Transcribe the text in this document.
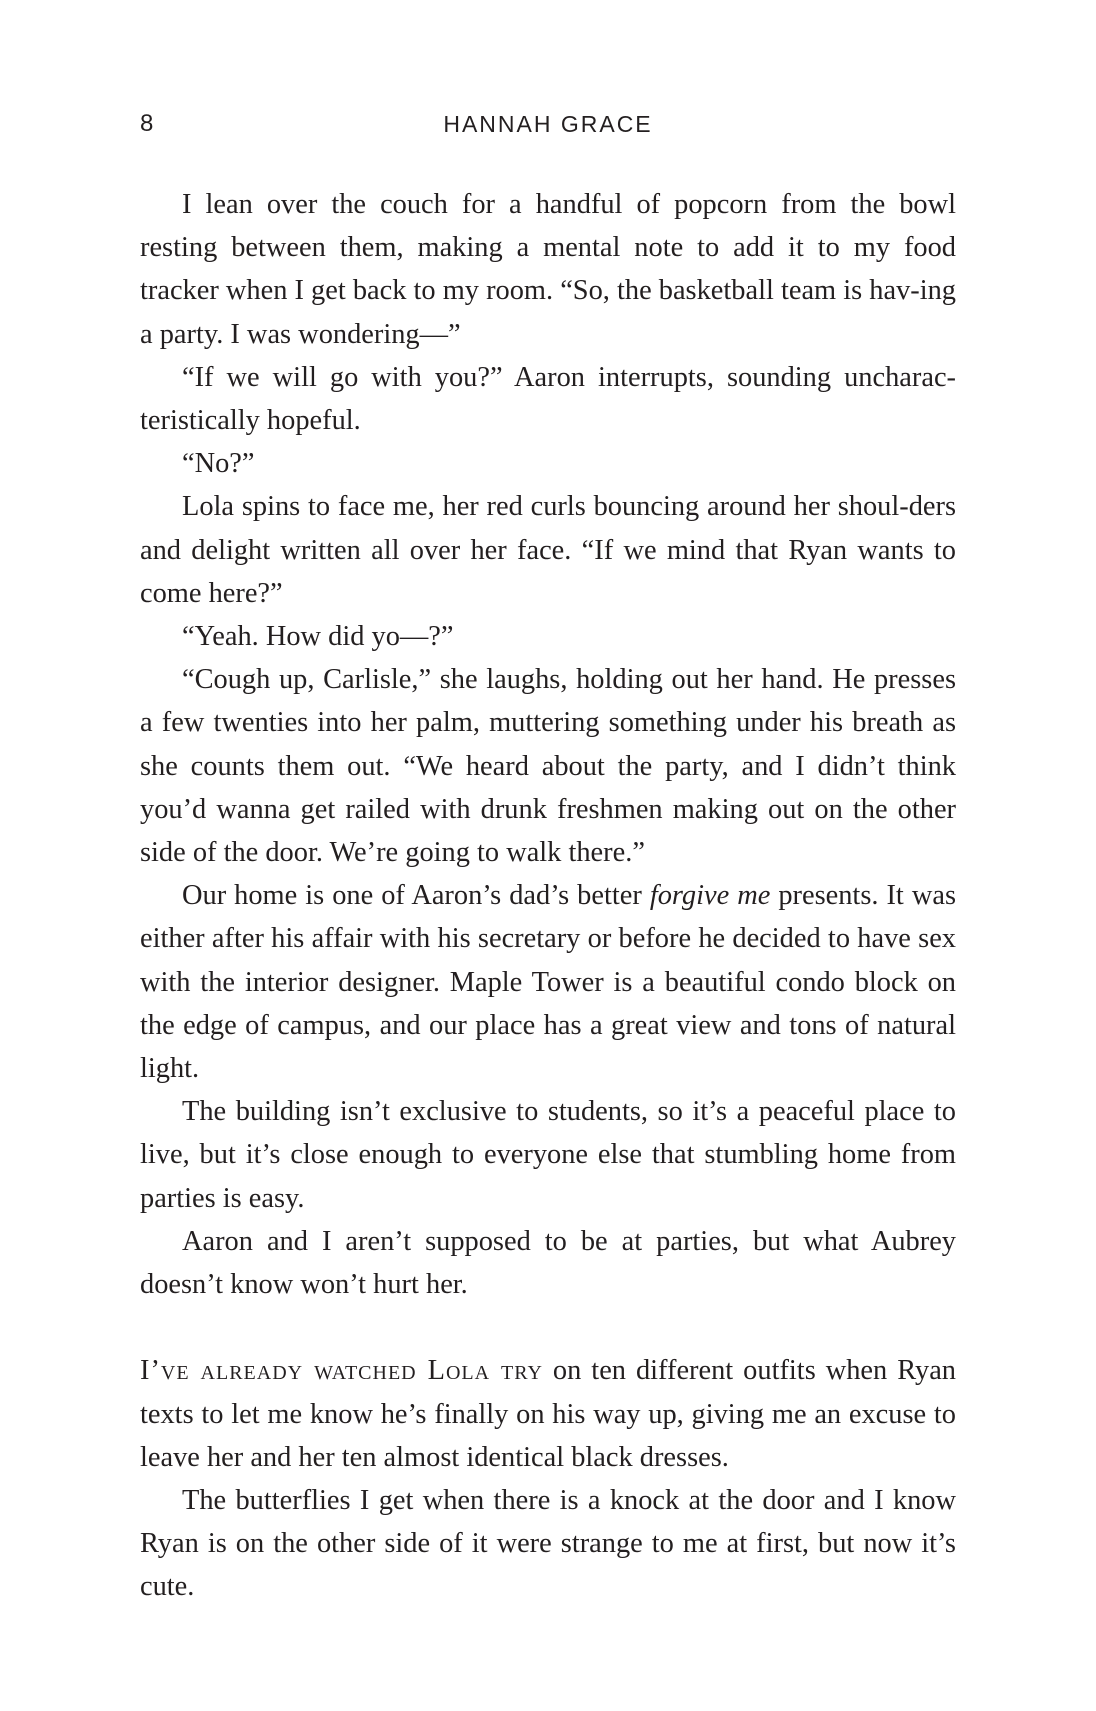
8	HANNAH GRACE

I lean over the couch for a handful of popcorn from the bowl resting between them, making a mental note to add it to my food tracker when I get back to my room. “So, the basketball team is hav-ing a party. I was wondering—”

“If we will go with you?” Aaron interrupts, sounding uncharac-teristically hopeful.

“No?”

Lola spins to face me, her red curls bouncing around her shoul-ders and delight written all over her face. “If we mind that Ryan wants to come here?”

“Yeah. How did yo—?”

“Cough up, Carlisle,” she laughs, holding out her hand. He presses a few twenties into her palm, muttering something under his breath as she counts them out. “We heard about the party, and I didn’t think you’d wanna get railed with drunk freshmen making out on the other side of the door. We’re going to walk there.”

Our home is one of Aaron’s dad’s better forgive me presents. It was either after his affair with his secretary or before he decided to have sex with the interior designer. Maple Tower is a beautiful condo block on the edge of campus, and our place has a great view and tons of natural light.

The building isn’t exclusive to students, so it’s a peaceful place to live, but it’s close enough to everyone else that stumbling home from parties is easy.

Aaron and I aren’t supposed to be at parties, but what Aubrey doesn’t know won’t hurt her.

I’ve already watched Lola try on ten different outfits when Ryan texts to let me know he’s finally on his way up, giving me an excuse to leave her and her ten almost identical black dresses.

The butterflies I get when there is a knock at the door and I know Ryan is on the other side of it were strange to me at first, but now it’s cute.
